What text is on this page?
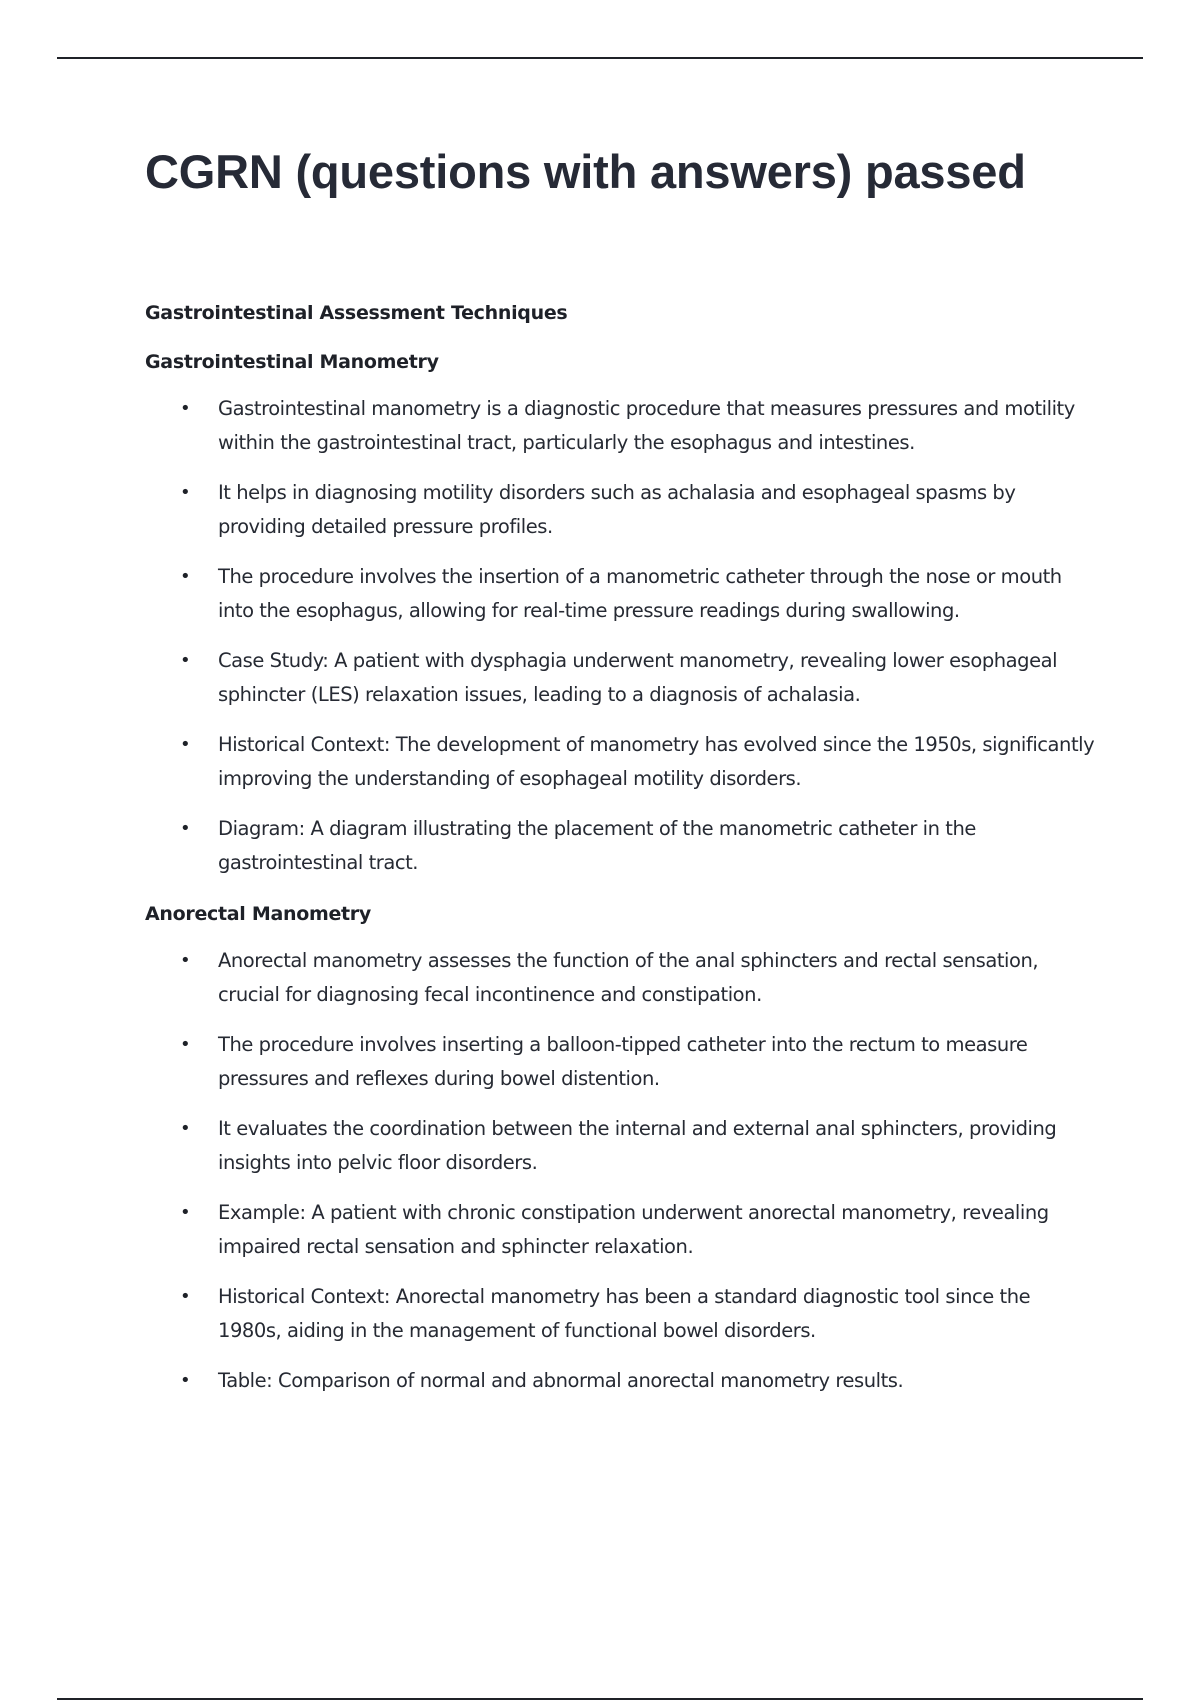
CGRN (questions with answers) passed
Gastrointestinal Assessment Techniques
Gastrointestinal Manometry
• Gastrointestinal manometry is a diagnostic procedure that measures pressures and motility within the gastrointestinal tract, particularly the esophagus and intestines.
• It helps in diagnosing motility disorders such as achalasia and esophageal spasms by providing detailed pressure profiles.
• The procedure involves the insertion of a manometric catheter through the nose or mouth into the esophagus, allowing for real-time pressure readings during swallowing.
• Case Study: A patient with dysphagia underwent manometry, revealing lower esophageal sphincter (LES) relaxation issues, leading to a diagnosis of achalasia.
• Historical Context: The development of manometry has evolved since the 1950s, significantly improving the understanding of esophageal motility disorders.
• Diagram: A diagram illustrating the placement of the manometric catheter in the gastrointestinal tract.
Anorectal Manometry
• Anorectal manometry assesses the function of the anal sphincters and rectal sensation, crucial for diagnosing fecal incontinence and constipation.
• The procedure involves inserting a balloon-tipped catheter into the rectum to measure pressures and reflexes during bowel distention.
• It evaluates the coordination between the internal and external anal sphincters, providing insights into pelvic floor disorders.
• Example: A patient with chronic constipation underwent anorectal manometry, revealing impaired rectal sensation and sphincter relaxation.
• Historical Context: Anorectal manometry has been a standard diagnostic tool since the 1980s, aiding in the management of functional bowel disorders.
• Table: Comparison of normal and abnormal anorectal manometry results.
